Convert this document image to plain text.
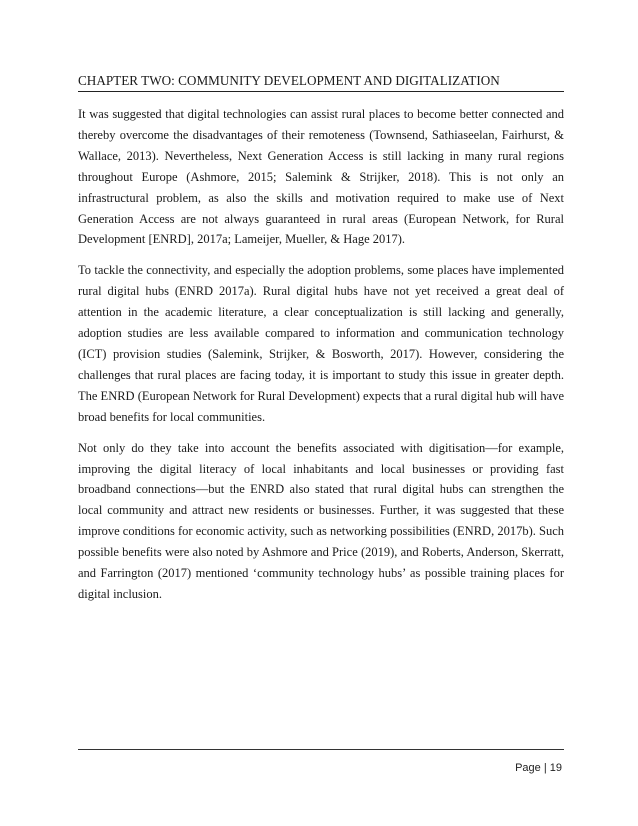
CHAPTER TWO: COMMUNITY DEVELOPMENT AND DIGITALIZATION

It was suggested that digital technologies can assist rural places to become better connected and thereby overcome the disadvantages of their remoteness (Townsend, Sathiaseelan, Fairhurst, & Wallace, 2013). Nevertheless, Next Generation Access is still lacking in many rural regions throughout Europe (Ashmore, 2015; Salemink & Strijker, 2018). This is not only an infrastructural problem, as also the skills and motivation required to make use of Next Generation Access are not always guaranteed in rural areas (European Network, for Rural Development [ENRD], 2017a; Lameijer, Mueller, & Hage 2017).

To tackle the connectivity, and especially the adoption problems, some places have implemented rural digital hubs (ENRD 2017a). Rural digital hubs have not yet received a great deal of attention in the academic literature, a clear conceptualization is still lacking and generally, adoption studies are less available compared to information and communication technology (ICT) provision studies (Salemink, Strijker, & Bosworth, 2017). However, considering the challenges that rural places are facing today, it is important to study this issue in greater depth. The ENRD (European Network for Rural Development) expects that a rural digital hub will have broad benefits for local communities.

Not only do they take into account the benefits associated with digitisation—for example, improving the digital literacy of local inhabitants and local businesses or providing fast broadband connections—but the ENRD also stated that rural digital hubs can strengthen the local community and attract new residents or businesses. Further, it was suggested that these improve conditions for economic activity, such as networking possibilities (ENRD, 2017b). Such possible benefits were also noted by Ashmore and Price (2019), and Roberts, Anderson, Skerratt, and Farrington (2017) mentioned ‘community technology hubs’ as possible training places for digital inclusion.

Page | 19
